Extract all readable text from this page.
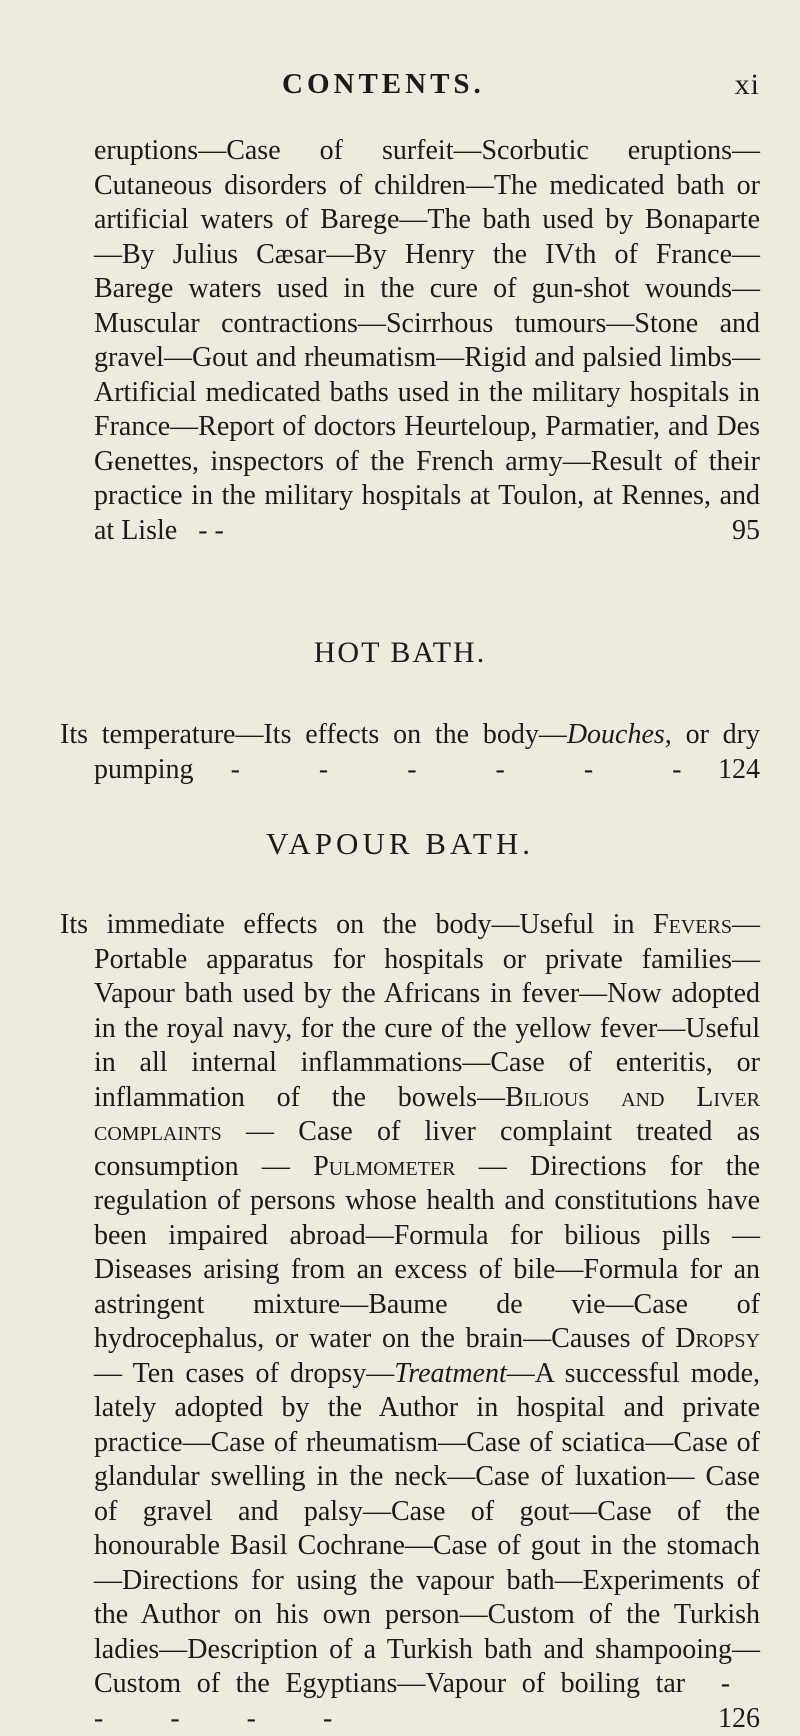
CONTENTS.	xi
eruptions—Case of surfeit—Scorbutic eruptions—Cutaneous disorders of children—The medicated bath or artificial waters of Barege—The bath used by Bonaparte —By Julius Cæsar—By Henry the IVth of France— Barege waters used in the cure of gun-shot wounds— Muscular contractions—Scirrhous tumours—Stone and gravel—Gout and rheumatism—Rigid and palsied limbs—Artificial medicated baths used in the military hospitals in France—Report of doctors Heurteloup, Parmatier, and Des Genettes, inspectors of the French army—Result of their practice in the military hospitals at Toulon, at Rennes, and at Lisle - -	95
HOT BATH.
Its temperature—Its effects on the body—Douches, or dry pumping - - - - - - 124
VAPOUR BATH.
Its immediate effects on the body—Useful in Fevers— Portable apparatus for hospitals or private families— Vapour bath used by the Africans in fever—Now adopted in the royal navy, for the cure of the yellow fever—Useful in all internal inflammations—Case of enteritis, or inflammation of the bowels—Bilious and Liver complaints — Case of liver complaint treated as consumption — Pulmometer — Directions for the regulation of persons whose health and constitutions have been impaired abroad—Formula for bilious pills —Diseases arising from an excess of bile—Formula for an astringent mixture—Baume de vie—Case of hydrocephalus, or water on the brain—Causes of Dropsy— Ten cases of dropsy—Treatment—A successful mode, lately adopted by the Author in hospital and private practice—Case of rheumatism—Case of sciatica—Case of glandular swelling in the neck—Case of luxation— Case of gravel and palsy—Case of gout—Case of the honourable Basil Cochrane—Case of gout in the stomach—Directions for using the vapour bath—Experiments of the Author on his own person—Custom of the Turkish ladies—Description of a Turkish bath and shampooing—Custom of the Egyptians—Vapour of boiling tar - - - - -	126
